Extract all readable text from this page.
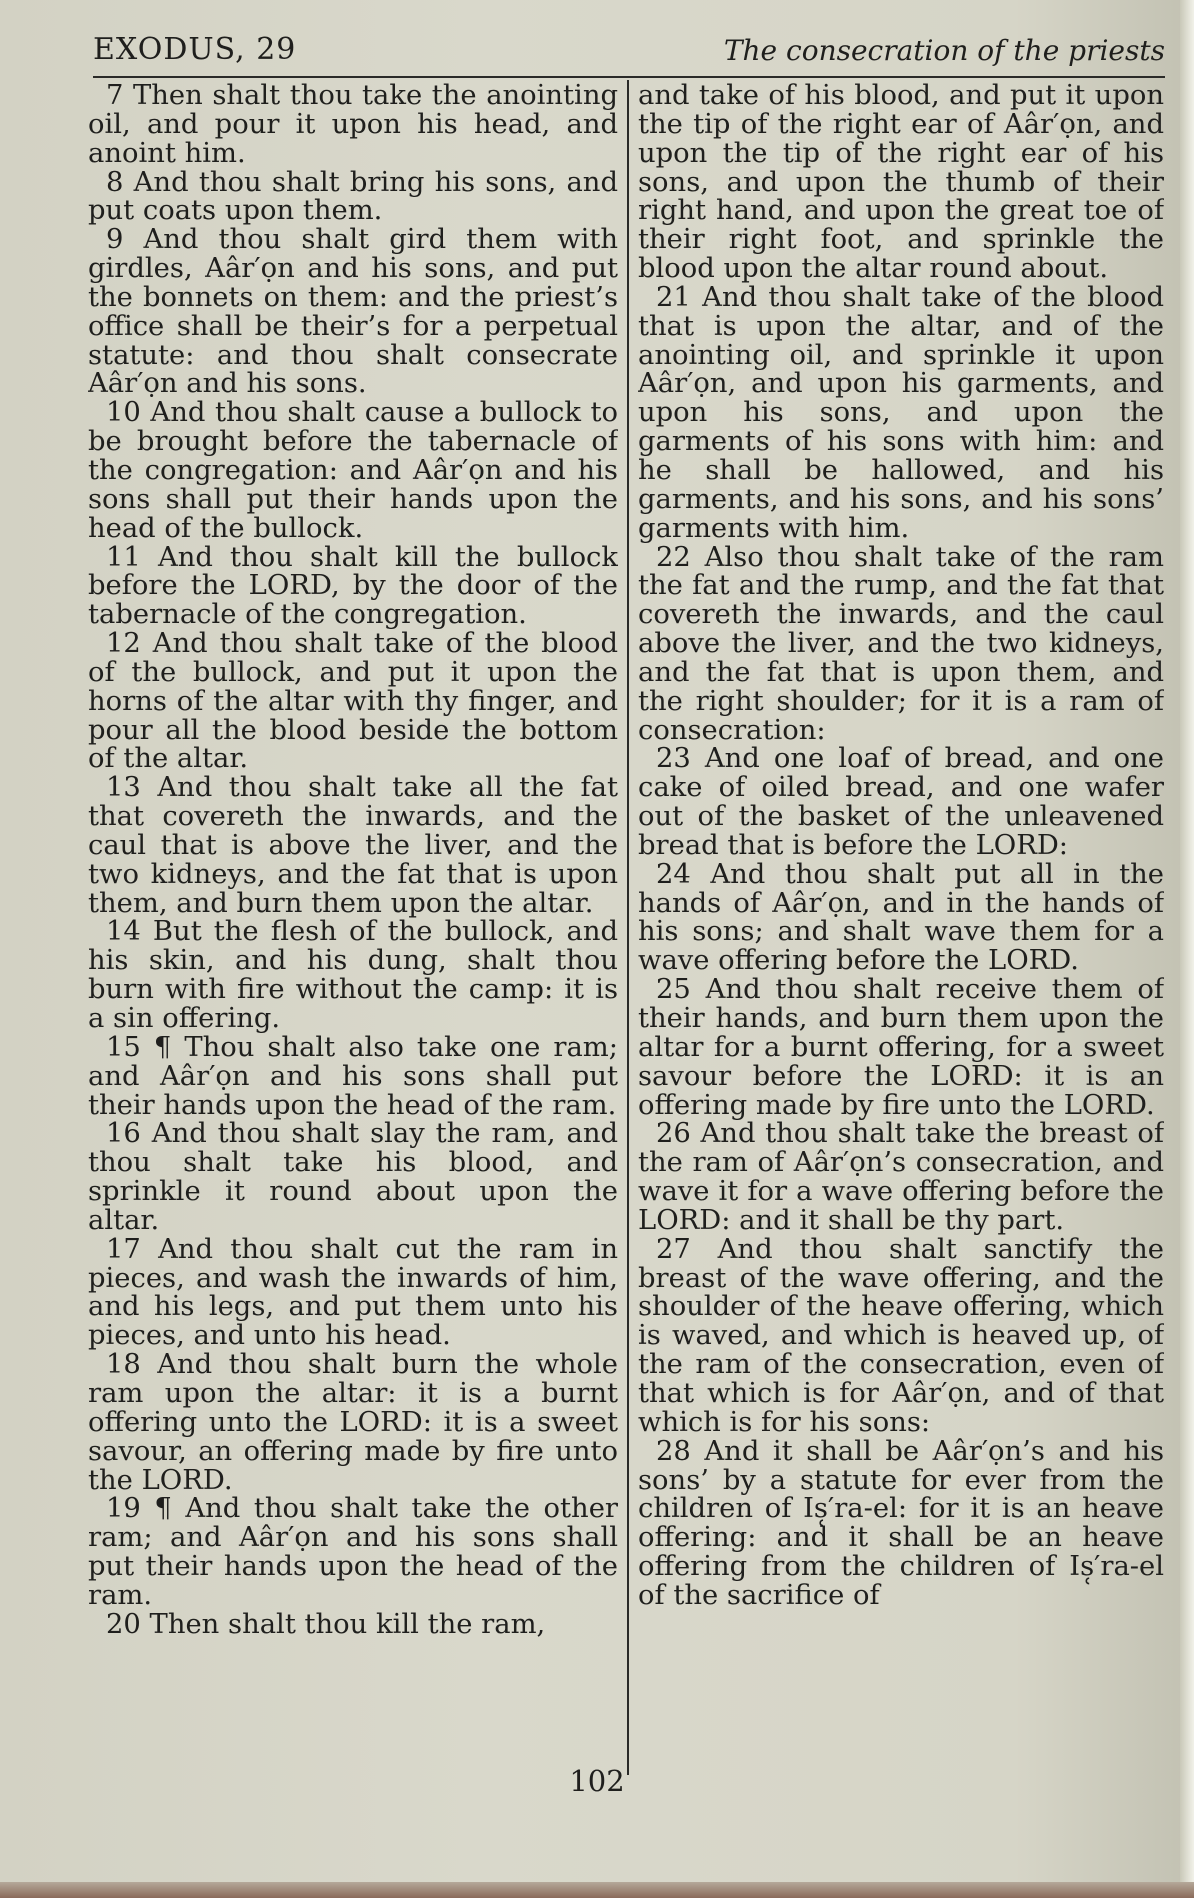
EXODUS, 29	The consecration of the priests

7 Then shalt thou take the anointing oil, and pour it upon his head, and anoint him.

8 And thou shalt bring his sons, and put coats upon them.

9 And thou shalt gird them with girdles, Aâr′ọn and his sons, and put the bonnets on them: and the priest’s office shall be their’s for a perpetual statute: and thou shalt consecrate Aâr′ọn and his sons.

10 And thou shalt cause a bullock to be brought before the tabernacle of the congregation: and Aâr′ọn and his sons shall put their hands upon the head of the bullock.

11 And thou shalt kill the bullock before the LORD, by the door of the tabernacle of the congregation.

12 And thou shalt take of the blood of the bullock, and put it upon the horns of the altar with thy finger, and pour all the blood beside the bottom of the altar.

13 And thou shalt take all the fat that covereth the inwards, and the caul that is above the liver, and the two kidneys, and the fat that is upon them, and burn them upon the altar.

14 But the flesh of the bullock, and his skin, and his dung, shalt thou burn with fire without the camp: it is a sin offering.

15 ¶ Thou shalt also take one ram; and Aâr′ọn and his sons shall put their hands upon the head of the ram.

16 And thou shalt slay the ram, and thou shalt take his blood, and sprinkle it round about upon the altar.

17 And thou shalt cut the ram in pieces, and wash the inwards of him, and his legs, and put them unto his pieces, and unto his head.

18 And thou shalt burn the whole ram upon the altar: it is a burnt offering unto the LORD: it is a sweet savour, an offering made by fire unto the LORD.

19 ¶ And thou shalt take the other ram; and Aâr′ọn and his sons shall put their hands upon the head of the ram.

20 Then shalt thou kill the ram,

and take of his blood, and put it upon the tip of the right ear of Aâr′ọn, and upon the tip of the right ear of his sons, and upon the thumb of their right hand, and upon the great toe of their right foot, and sprinkle the blood upon the altar round about.

21 And thou shalt take of the blood that is upon the altar, and of the anointing oil, and sprinkle it upon Aâr′ọn, and upon his garments, and upon his sons, and upon the garments of his sons with him: and he shall be hallowed, and his garments, and his sons, and his sons’ garments with him.

22 Also thou shalt take of the ram the fat and the rump, and the fat that covereth the inwards, and the caul above the liver, and the two kidneys, and the fat that is upon them, and the right shoulder; for it is a ram of consecration:

23 And one loaf of bread, and one cake of oiled bread, and one wafer out of the basket of the unleavened bread that is before the LORD:

24 And thou shalt put all in the hands of Aâr′ọn, and in the hands of his sons; and shalt wave them for a wave offering before the LORD.

25 And thou shalt receive them of their hands, and burn them upon the altar for a burnt offering, for a sweet savour before the LORD: it is an offering made by fire unto the LORD.

26 And thou shalt take the breast of the ram of Aâr′ọn’s consecration, and wave it for a wave offering before the LORD: and it shall be thy part.

27 And thou shalt sanctify the breast of the wave offering, and the shoulder of the heave offering, which is waved, and which is heaved up, of the ram of the consecration, even of that which is for Aâr′ọn, and of that which is for his sons:

28 And it shall be Aâr′ọn’s and his sons’ by a statute for ever from the children of Is̜′ra-el: for it is an heave offering: and it shall be an heave offering from the children of Is̜′ra-el of the sacrifice of

102
